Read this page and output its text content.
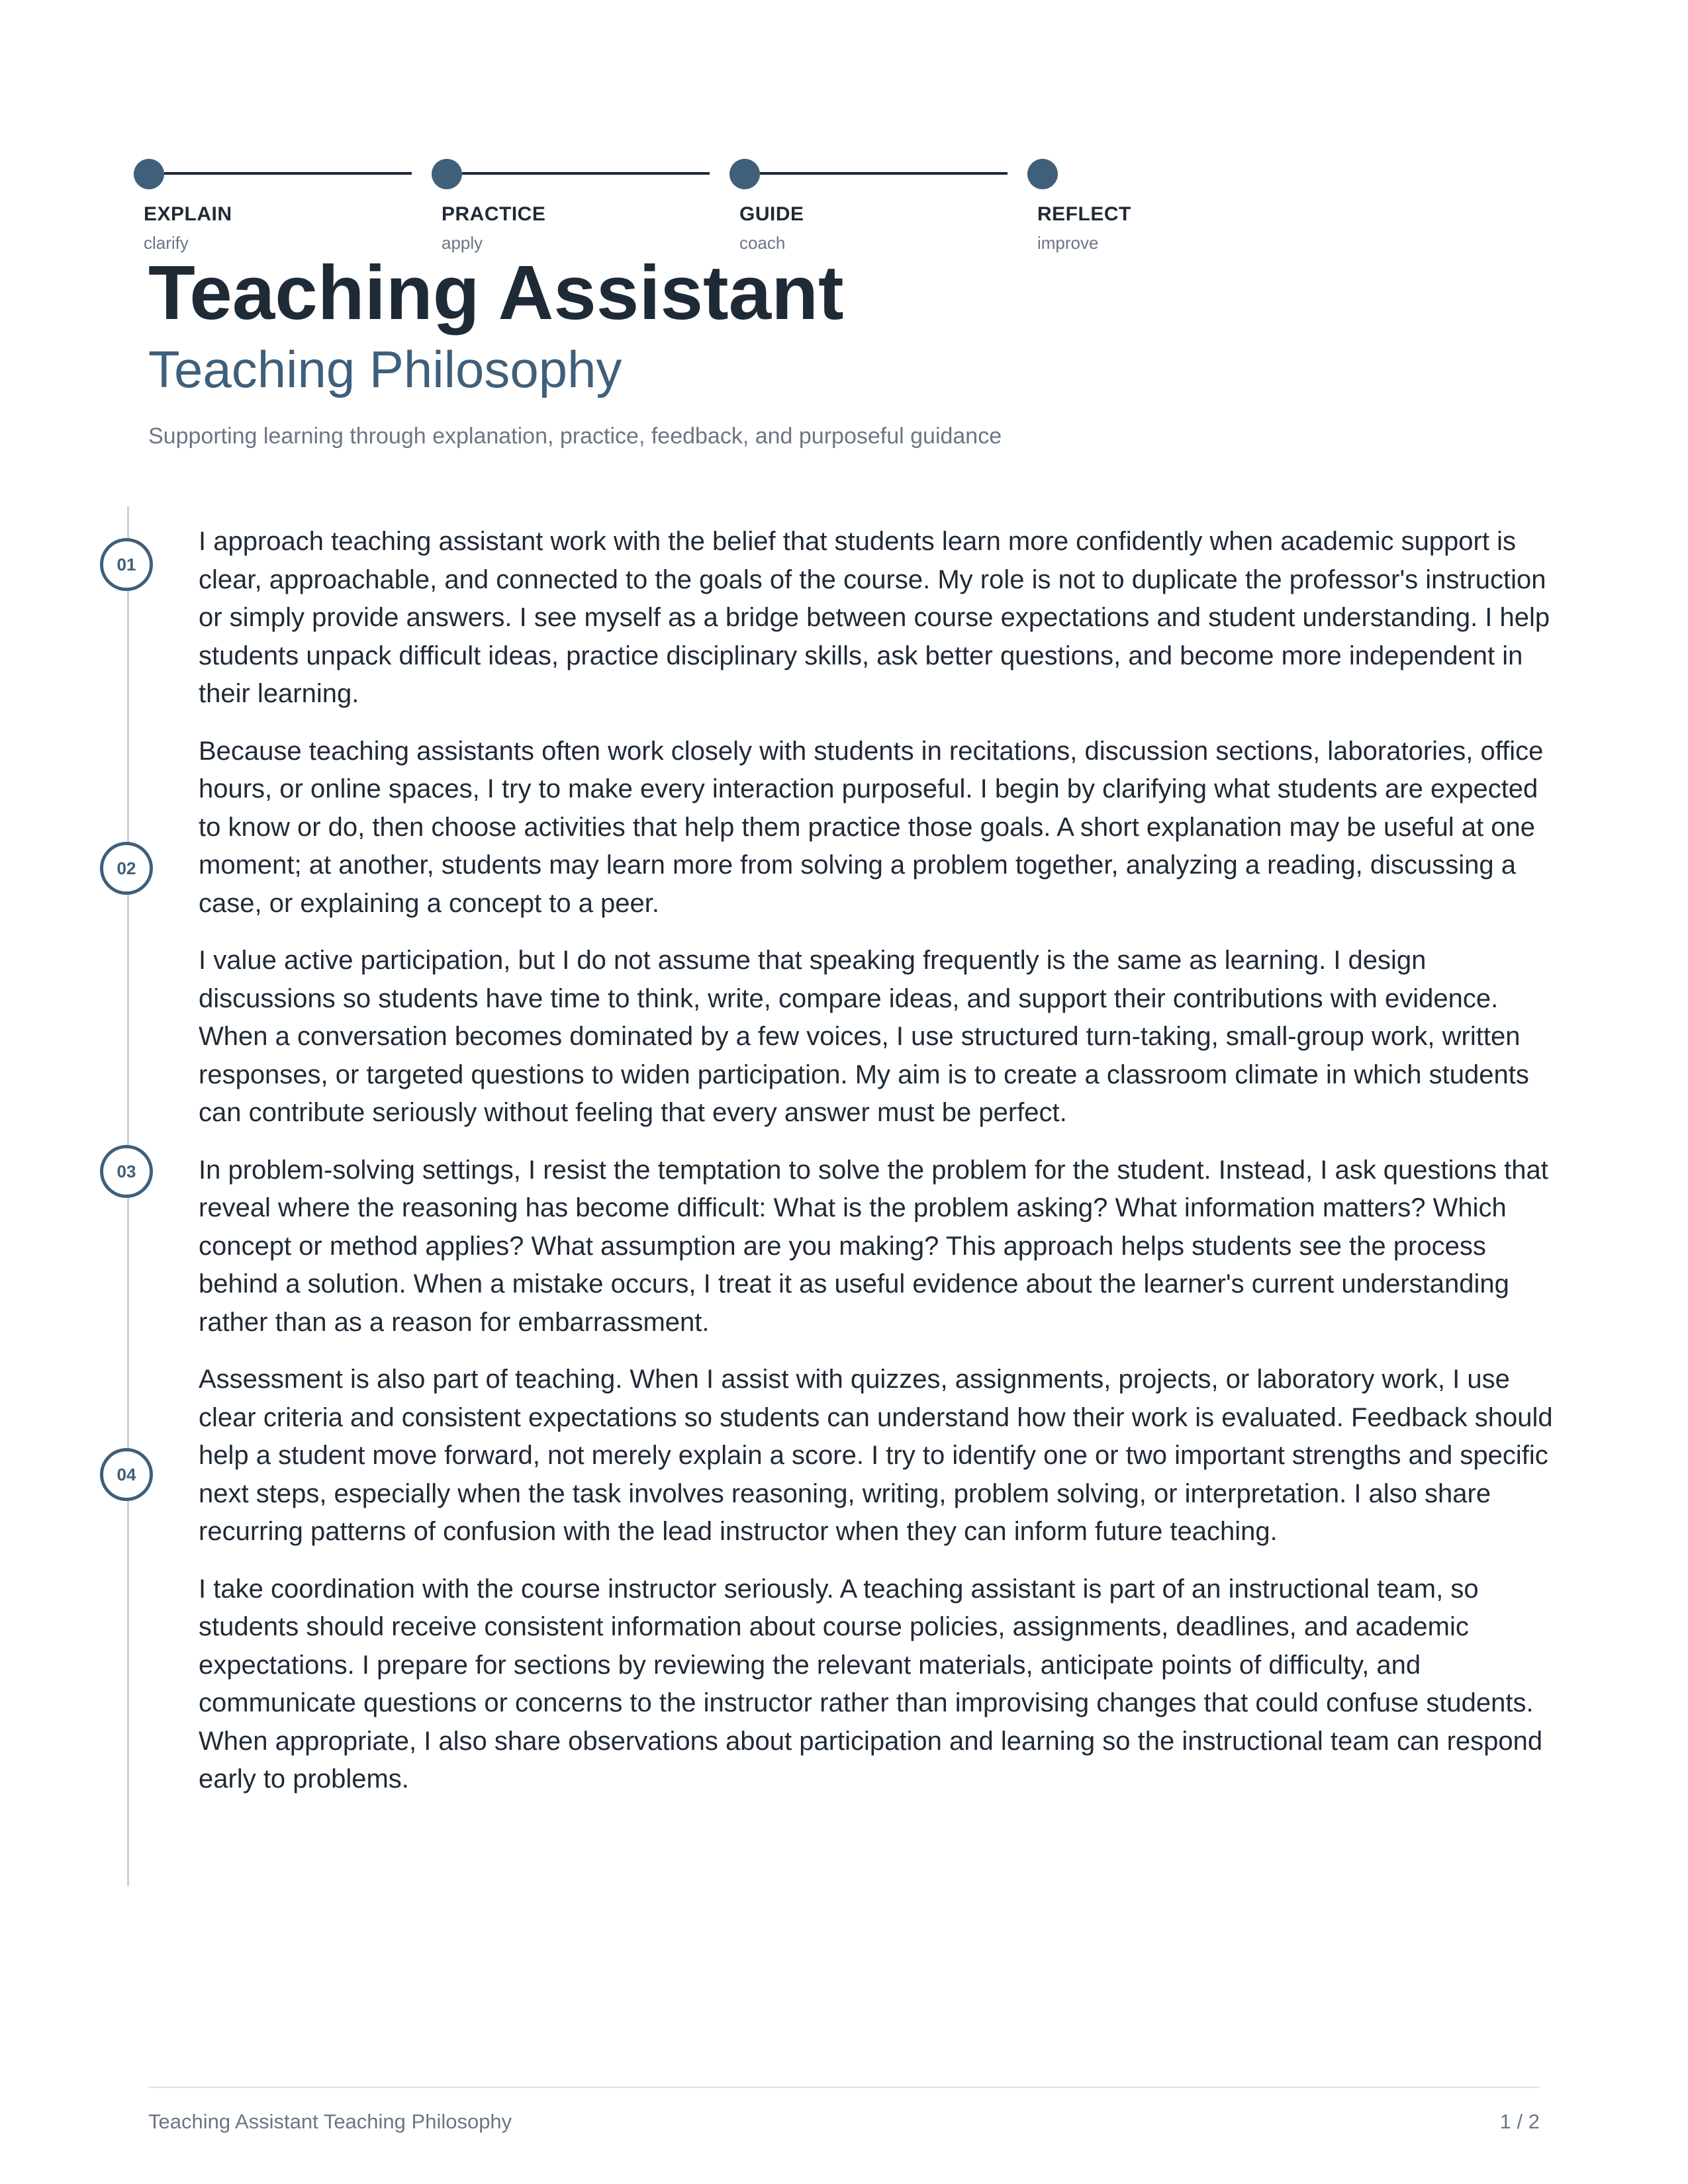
EXPLAIN
clarify
PRACTICE
apply
GUIDE
coach
REFLECT
improve
Teaching Assistant
Teaching Philosophy

Supporting learning through explanation, practice, feedback, and purposeful guidance

01
02
03
04

I approach teaching assistant work with the belief that students learn more confidently when academic support is clear, approachable, and connected to the goals of the course. My role is not to duplicate the professor's instruction or simply provide answers. I see myself as a bridge between course expectations and student understanding. I help students unpack difficult ideas, practice disciplinary skills, ask better questions, and become more independent in their learning.

Because teaching assistants often work closely with students in recitations, discussion sections, laboratories, office hours, or online spaces, I try to make every interaction purposeful. I begin by clarifying what students are expected to know or do, then choose activities that help them practice those goals. A short explanation may be useful at one moment; at another, students may learn more from solving a problem together, analyzing a reading, discussing a case, or explaining a concept to a peer.

I value active participation, but I do not assume that speaking frequently is the same as learning. I design discussions so students have time to think, write, compare ideas, and support their contributions with evidence. When a conversation becomes dominated by a few voices, I use structured turn-taking, small-group work, written responses, or targeted questions to widen participation. My aim is to create a classroom climate in which students can contribute seriously without feeling that every answer must be perfect.

In problem-solving settings, I resist the temptation to solve the problem for the student. Instead, I ask questions that reveal where the reasoning has become difficult: What is the problem asking? What information matters? Which concept or method applies? What assumption are you making? This approach helps students see the process behind a solution. When a mistake occurs, I treat it as useful evidence about the learner's current understanding rather than as a reason for embarrassment.

Assessment is also part of teaching. When I assist with quizzes, assignments, projects, or laboratory work, I use clear criteria and consistent expectations so students can understand how their work is evaluated. Feedback should help a student move forward, not merely explain a score. I try to identify one or two important strengths and specific next steps, especially when the task involves reasoning, writing, problem solving, or interpretation. I also share recurring patterns of confusion with the lead instructor when they can inform future teaching.

I take coordination with the course instructor seriously. A teaching assistant is part of an instructional team, so students should receive consistent information about course policies, assignments, deadlines, and academic expectations. I prepare for sections by reviewing the relevant materials, anticipate points of difficulty, and communicate questions or concerns to the instructor rather than improvising changes that could confuse students. When appropriate, I also share observations about participation and learning so the instructional team can respond early to problems.

Teaching Assistant Teaching Philosophy	1 / 2
